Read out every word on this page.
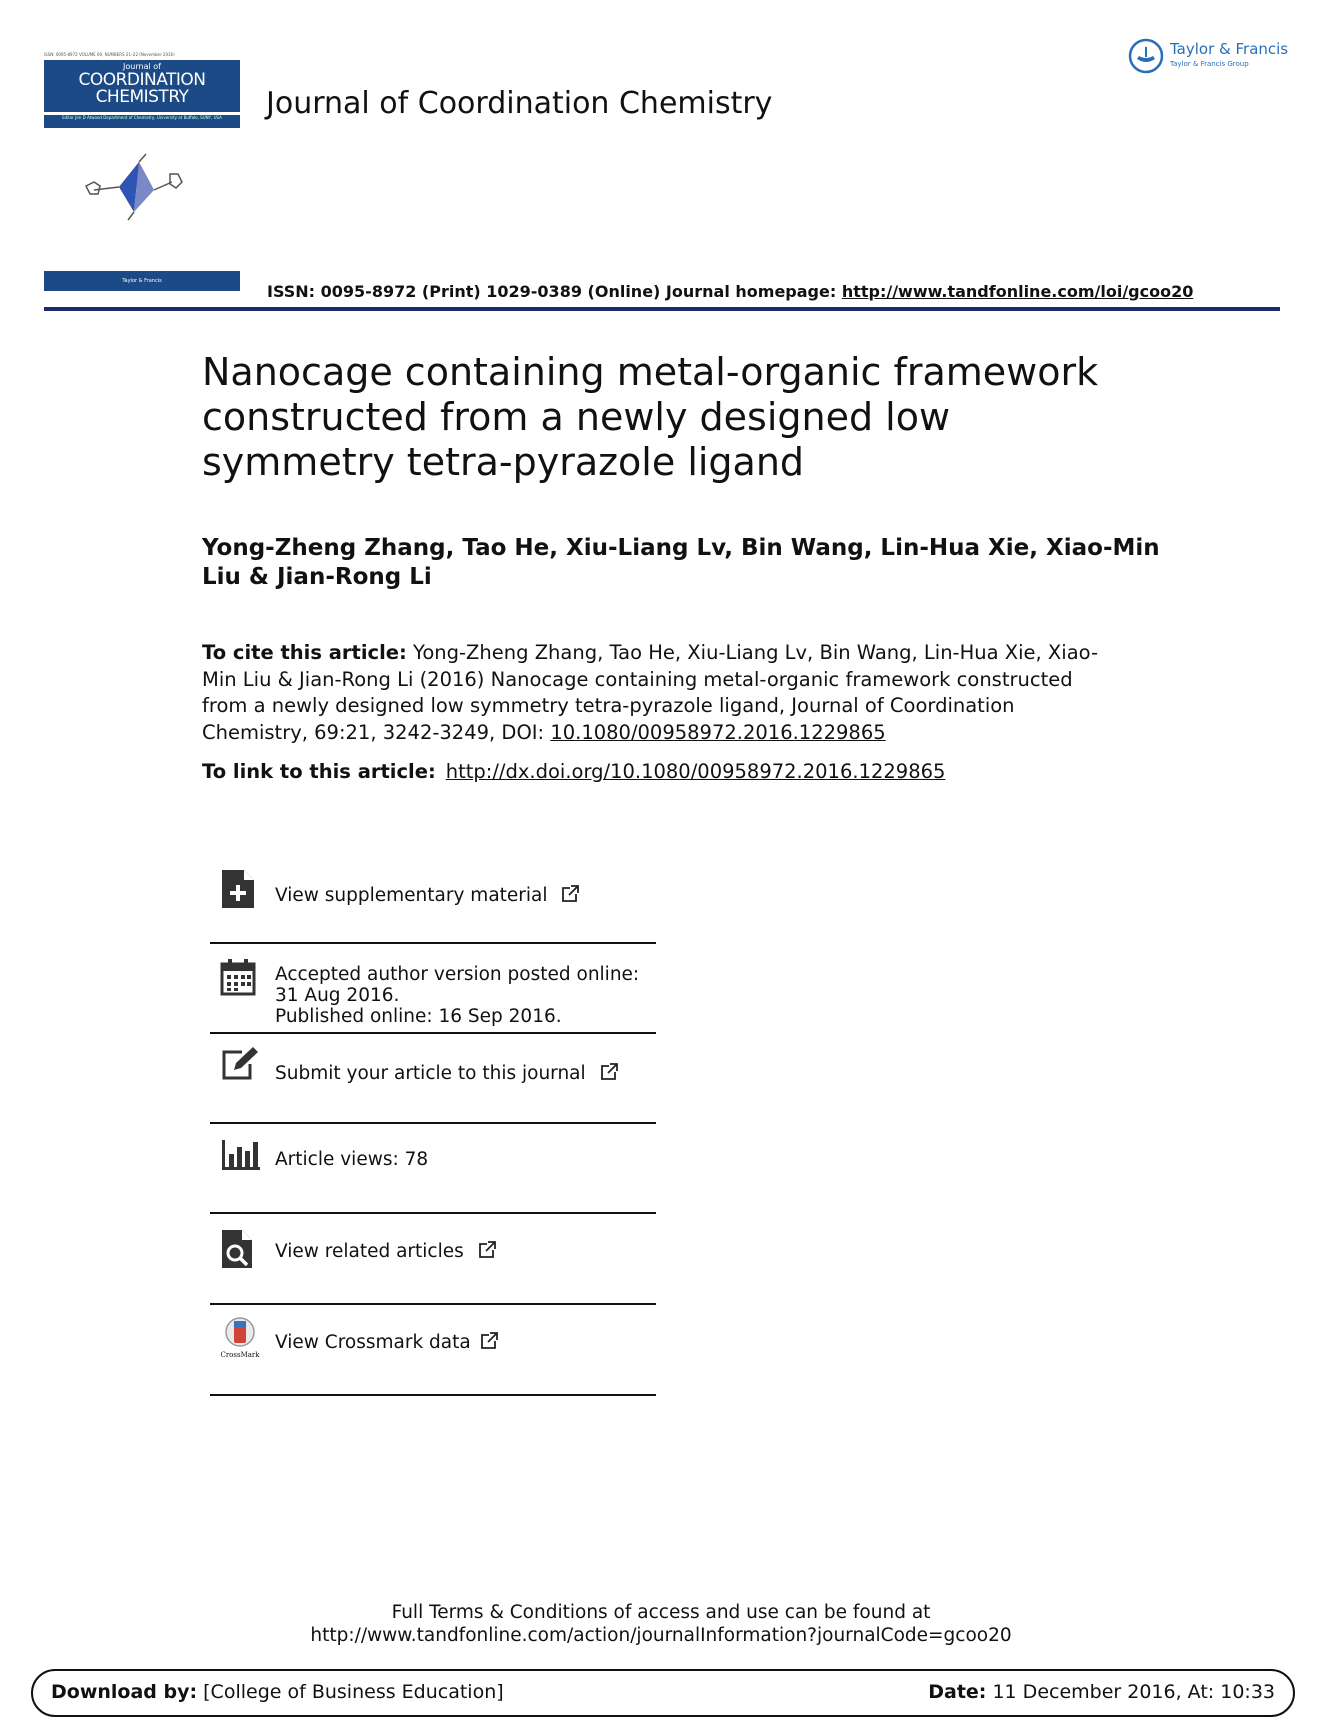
ISSN: 0095-8972 VOLUME 69, NUMBERS 21–22 (November 2016)
Journal of
COORDINATION
CHEMISTRY
Editor Jim D Atwood Department of Chemistry, University at Buffalo, SUNY, USA
Taylor & Francis
Journal of Coordination Chemistry
Taylor & Francis
Taylor & Francis Group
ISSN: 0095-8972 (Print) 1029-0389 (Online) Journal homepage: http://www.tandfonline.com/loi/gcoo20
Nanocage containing metal-organic framework constructed from a newly designed low symmetry tetra-pyrazole ligand
Yong-Zheng Zhang, Tao He, Xiu-Liang Lv, Bin Wang, Lin-Hua Xie, Xiao-Min Liu & Jian-Rong Li
To cite this article: Yong-Zheng Zhang, Tao He, Xiu-Liang Lv, Bin Wang, Lin-Hua Xie, Xiao-Min Liu & Jian-Rong Li (2016) Nanocage containing metal-organic framework constructed from a newly designed low symmetry tetra-pyrazole ligand, Journal of Coordination Chemistry, 69:21, 3242-3249, DOI: 10.1080/00958972.2016.1229865
To link to this article: http://dx.doi.org/10.1080/00958972.2016.1229865
View supplementary material
Accepted author version posted online: 31 Aug 2016.
Published online: 16 Sep 2016.
Submit your article to this journal
Article views: 78
View related articles
CrossMark
View Crossmark data
Full Terms & Conditions of access and use can be found at
http://www.tandfonline.com/action/journalInformation?journalCode=gcoo20
Download by: [College of Business Education]	Date: 11 December 2016, At: 10:33
